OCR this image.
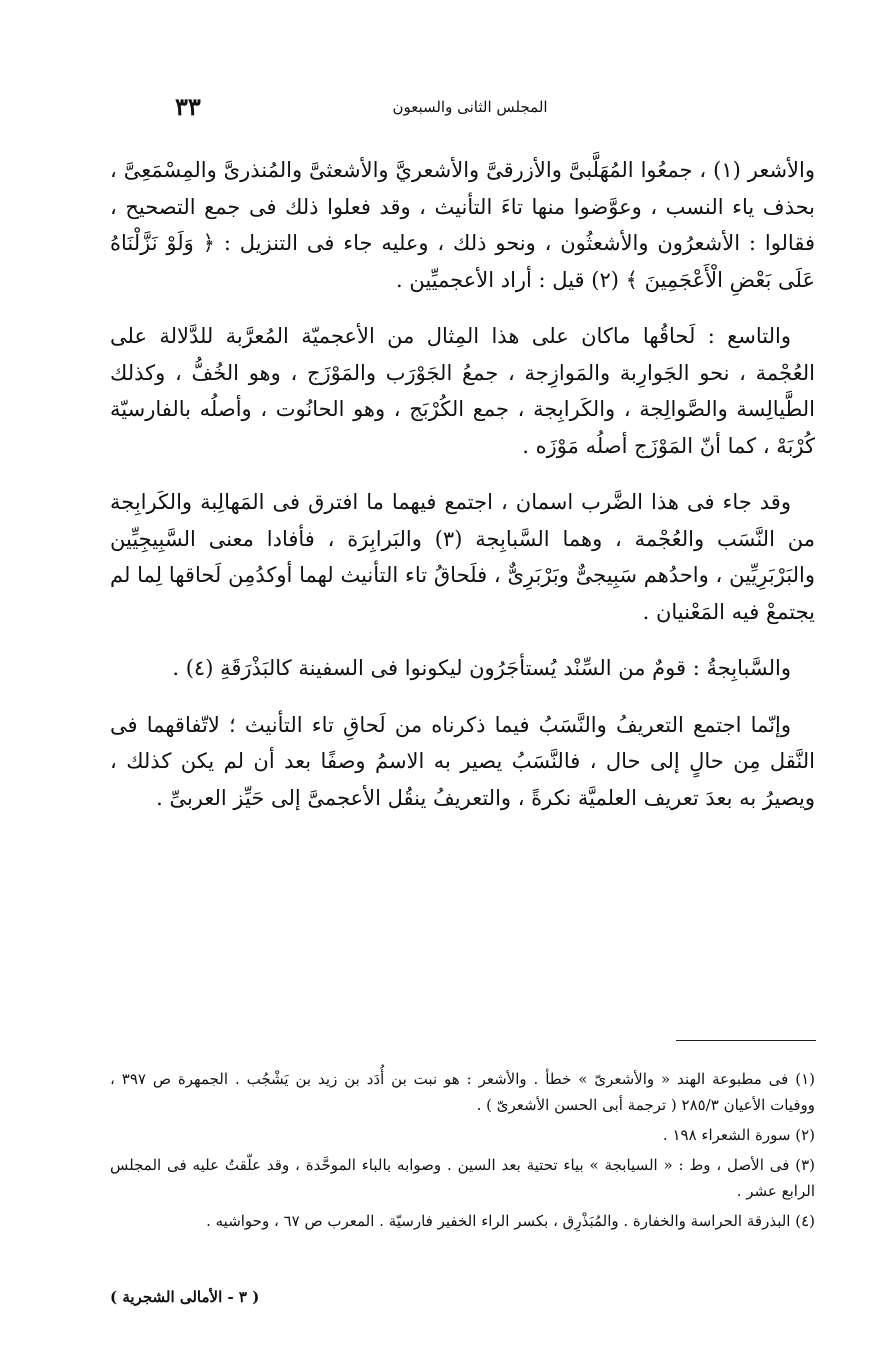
المجلس الثانى والسبعون
٣٣

والأشعر (١) ، جمعُوا المُهَلَّبىَّ والأزرقىَّ والأشعريَّ والأشعثىَّ والمُنذرىَّ والمِسْمَعِىَّ ، بحذف ياء النسب ، وعوَّضوا منها تاءَ التأنيث ، وقد فعلوا ذلك فى جمع التصحيح ، فقالوا : الأشعرُون والأشعثُون ، ونحو ذلك ، وعليه جاء فى التنزيل : ﴿ وَلَوْ نَزَّلْنَاهُ عَلَى بَعْضِ الْأَعْجَمِينَ ﴾ (٢) قيل : أراد الأعجميِّين .

والتاسع : لَحاقُها ماكان على هذا المِثال من الأعجميّة المُعرَّبة للدَّلالة على العُجْمة ، نحو الجَوارِبة والمَوازِجة ، جمعُ الجَوْرَب والمَوْزَج ، وهو الخُفُّ ، وكذلك الطَّيالِسة والصَّوالِجة ، والكَرابِجة ، جمع الكُرْبَج ، وهو الحانُوت ، وأصلُه بالفارسيّة كُرْبَهْ ، كما أنّ المَوْزَج أصلُه مَوْزَه .

وقد جاء فى هذا الضَّرب اسمان ، اجتمع فيهما ما افترق فى المَهالِبة والكَرابِجة من النَّسَب والعُجْمة ، وهما السَّبابِجة (٣) والبَرابِرَة ، فأفادا معنى السَّبِيجِيِّين والبَرْبَرِيِّين ، واحدُهم سَبِيجىٌّ وبَرْبَرِىٌّ ، فلَحاقُ تاء التأنيث لهما أوكدُمِن لَحاقها لِما لم يجتمعْ فيه المَعْنيان .

والسَّبابِجةُ : قومٌ من السِّنْد يُستأجَرُون ليكونوا فى السفينة كالبَذْرَقَةِ (٤) .

وإنّما اجتمع التعريفُ والنَّسَبُ فيما ذكرناه من لَحاقِ تاء التأنيث ؛ لاتّفاقهما فى النَّقل مِن حالٍ إلى حال ، فالنَّسَبُ يصير به الاسمُ وصفًا بعد أن لم يكن كذلك ، ويصيرُ به بعدَ تعريف العلميَّة نكرةً ، والتعريفُ ينقُل الأعجمىَّ إلى حَيِّز العربىِّ .

(١) فى مطبوعة الهند « والأشعرىّ » خطأ . والأشعر : هو نبت بن أُدَد بن زيد بن يَشْجُب . الجمهرة ص ٣٩٧ ، ووفيات الأعيان ٢٨٥/٣ ( ترجمة أبى الحسن الأشعرىّ ) .

(٢) سورة الشعراء ١٩٨ .

(٣) فى الأصل ، وط : « السيابجة » بياء تحتية بعد السين . وصوابه بالباء الموحَّدة ، وقد علّقتُ عليه فى المجلس الرابع عشر .

(٤) البذرقة الحراسة والخفارة . والمُبَذْرِق ، بكسر الراء الخفير فارسيّة . المعرب ص ٦٧ ، وحواشيه .

( ٣ - الأمالى الشجرية )
